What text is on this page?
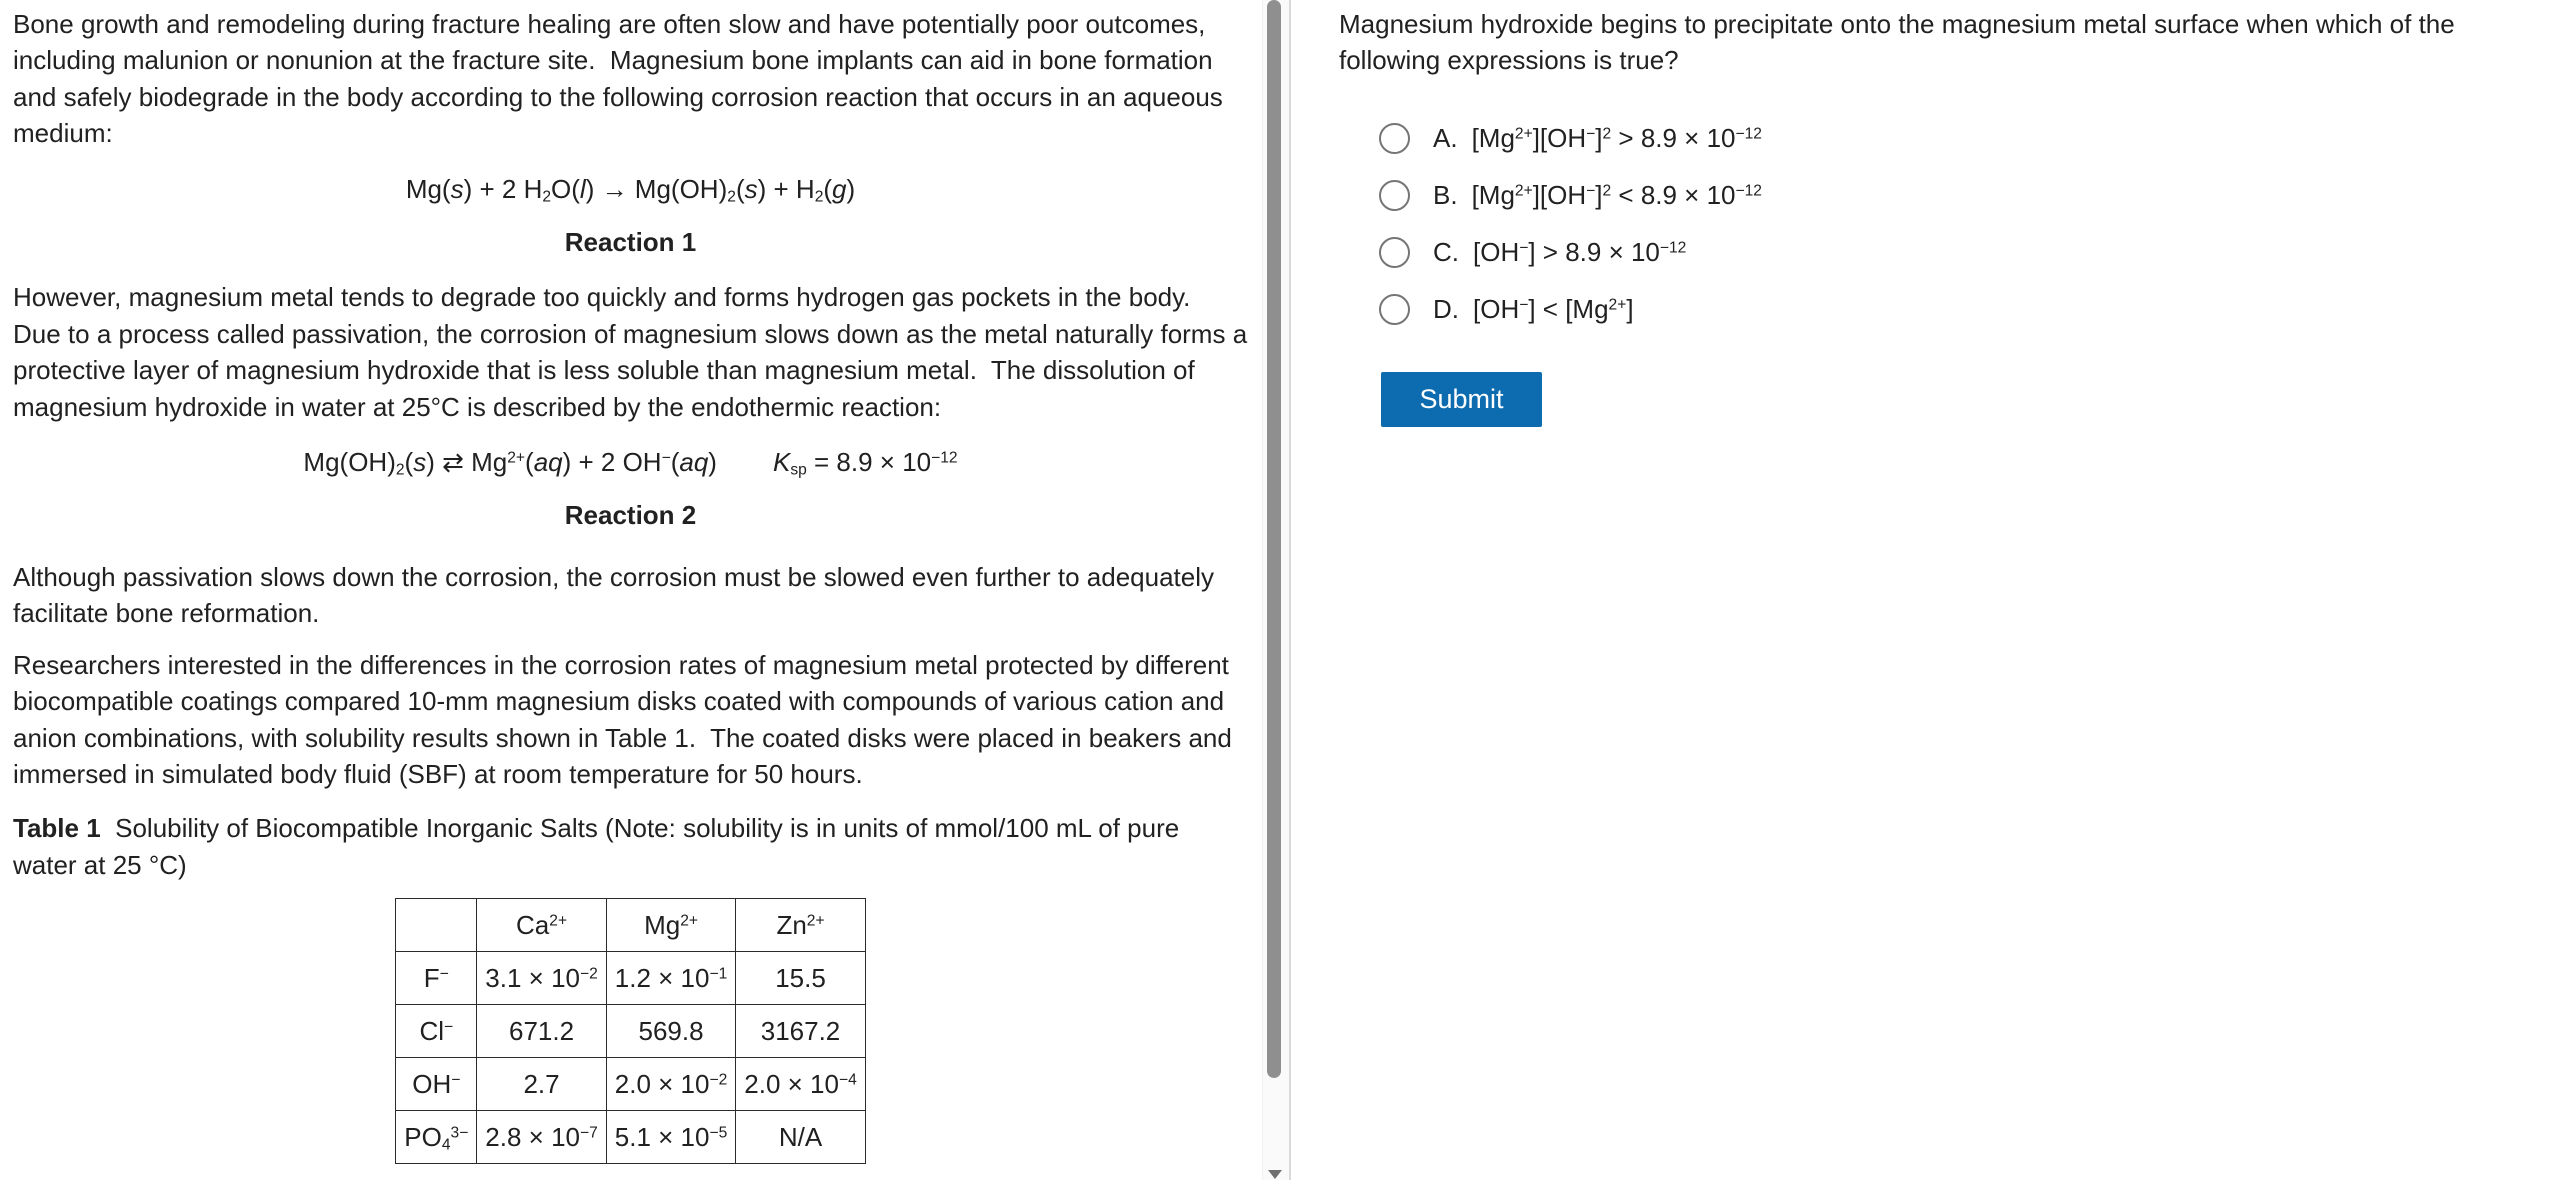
Bone growth and remodeling during fracture healing are often slow and have potentially poor outcomes, including malunion or nonunion at the fracture site.  Magnesium bone implants can aid in bone formation and safely biodegrade in the body according to the following corrosion reaction that occurs in an aqueous medium:

Mg(s) + 2 $H_2O(l) \to Mg(OH)_2(s) + H_2(g)$
Reaction 1

However, magnesium metal tends to degrade too quickly and forms hydrogen gas pockets in the body.  Due to a process called passivation, the corrosion of magnesium slows down as the metal naturally forms a protective layer of magnesium hydroxide that is less soluble than magnesium metal.  The dissolution of magnesium hydroxide in water at 25°C is described by the endothermic reaction:

$Mg(OH)_2(s)$ ⇄ $Mg^{2+}(aq) + 2$ OH−(aq) $K_{sp} = 8.9 \times 10^{-12}$
Reaction 2

Although passivation slows down the corrosion, the corrosion must be slowed even further to adequately facilitate bone reformation.

Researchers interested in the differences in the corrosion rates of magnesium metal protected by different biocompatible coatings compared 10-mm magnesium disks coated with compounds of various cation and anion combinations, with solubility results shown in Table 1.  The coated disks were placed in beakers and immersed in simulated body fluid (SBF) at room temperature for 50 hours.

Table 1  Solubility of Biocompatible Inorganic Salts (Note: solubility is in units of mmol/100 mL of pure water at 25 °C)

	$Ca^{2+}$	$Mg^{2+}$	$Zn^{2+}$
F−	$3.1 \times 10^{-2}$	$1.2 \times 10^{-1}$	15.5
Cl−	671.2	569.8	3167.2
OH−	2.7	$2.0 \times 10^{-2}$	$2.0 \times 10^{-4}$
$PO_4^{3-}$	$2.8 \times 10^{-7}$	$5.1 \times 10^{-5}$	N/A

Magnesium hydroxide begins to precipitate onto the magnesium metal surface when which of the following expressions is true?

A. $[Mg^{2+}][OH^-]^2 > 8.9 \times 10^{-12}$
B. $[Mg^{2+}][OH^-]^2 < 8.9 \times 10^{-12}$
C. $[OH^-] > 8.9 \times 10^{-12}$
D. $[OH^-] < [Mg^{2+}]$
Submit
